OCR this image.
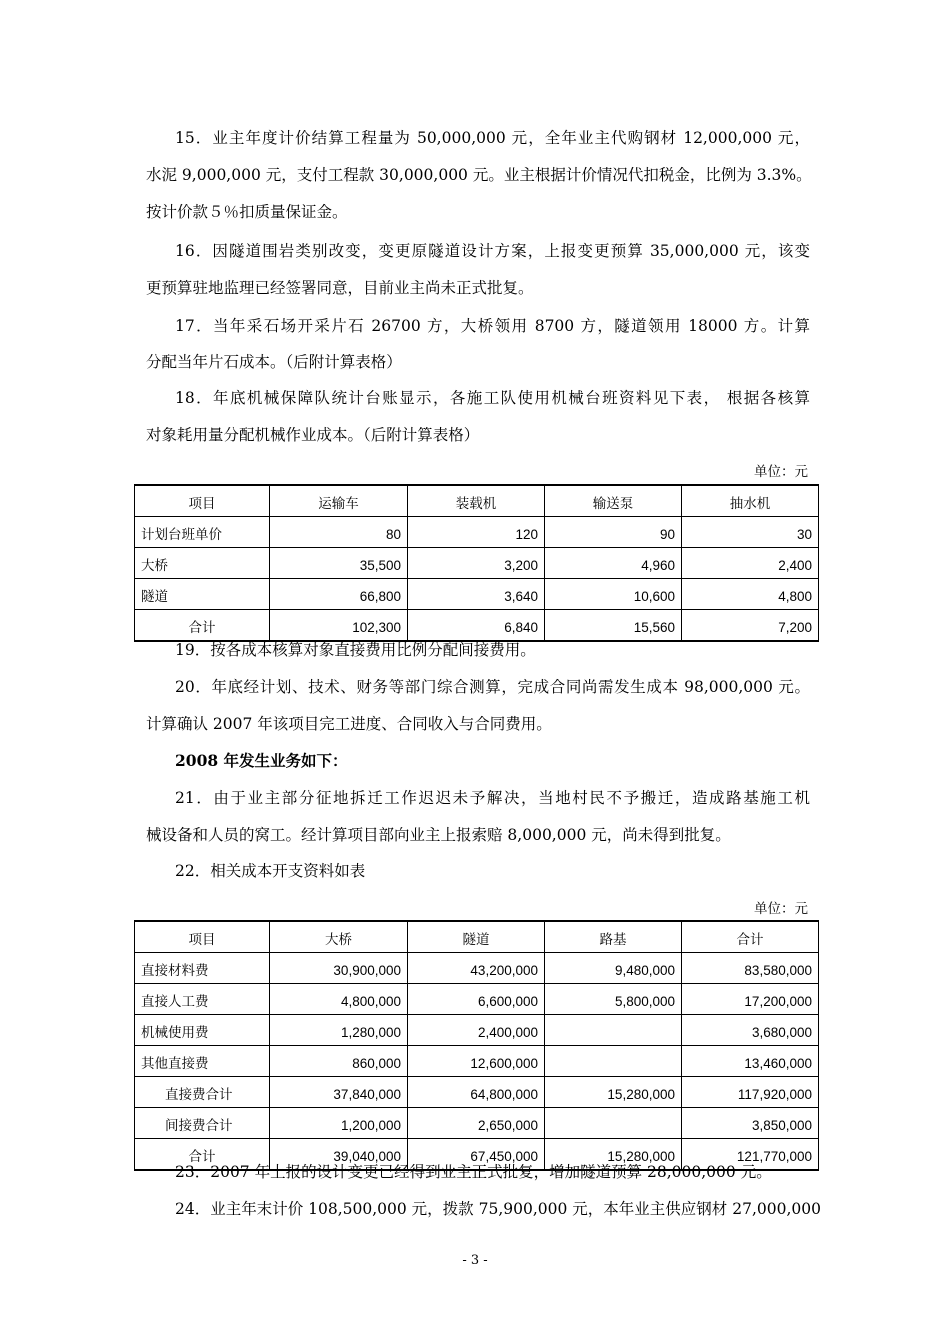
15．业主年度计价结算工程量为 50,000,000 元，全年业主代购钢材 12,000,000 元，
水泥 9,000,000 元，支付工程款 30,000,000 元。业主根据计价情况代扣税金，比例为 3.3%。
按计价款５％扣质量保证金。
16．因隧道围岩类别改变，变更原隧道设计方案，上报变更预算 35,000,000 元，该变
更预算驻地监理已经签署同意，目前业主尚未正式批复。
17．当年采石场开采片石 26700 方，大桥领用 8700 方，隧道领用 18000 方。计算
分配当年片石成本。（后附计算表格）
18．年底机械保障队统计台账显示，各施工队使用机械台班资料见下表， 根据各核算
对象耗用量分配机械作业成本。（后附计算表格）
单位：元
项目	运输车	装载机	输送泵	抽水机
计划台班单价	80	120	90	30
大桥	35,500	3,200	4,960	2,400
隧道	66,800	3,640	10,600	4,800
合计	102,300	6,840	15,560	7,200
19．按各成本核算对象直接费用比例分配间接费用。
20．年底经计划、技术、财务等部门综合测算，完成合同尚需发生成本 98,000,000 元。
计算确认 2007 年该项目完工进度、合同收入与合同费用。
2008 年发生业务如下：
21．由于业主部分征地拆迁工作迟迟未予解决，当地村民不予搬迁，造成路基施工机
械设备和人员的窝工。经计算项目部向业主上报索赔 8,000,000 元，尚未得到批复。
22．相关成本开支资料如表
单位：元
项目	大桥	隧道	路基	合计
直接材料费	30,900,000	43,200,000	9,480,000	83,580,000
直接人工费	4,800,000	6,600,000	5,800,000	17,200,000
机械使用费	1,280,000	2,400,000		3,680,000
其他直接费	860,000	12,600,000		13,460,000
直接费合计	37,840,000	64,800,000	15,280,000	117,920,000
间接费合计	1,200,000	2,650,000		3,850,000
合计	39,040,000	67,450,000	15,280,000	121,770,000
23．2007 年上报的设计变更已经得到业主正式批复，增加隧道预算 28,000,000 元。
24．业主年末计价 108,500,000 元，拨款 75,900,000 元，本年业主供应钢材 27,000,000
- 3 -
